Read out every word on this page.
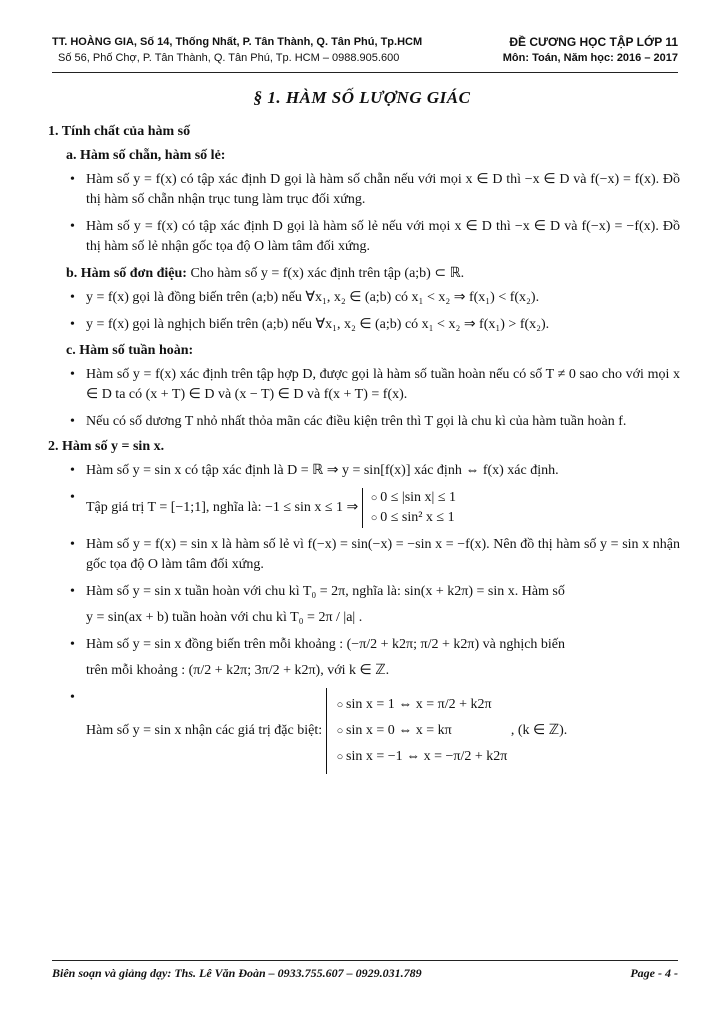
TT. HOÀNG GIA, Số 14, Thống Nhất, P. Tân Thành, Q. Tân Phú, Tp.HCM
Số 56, Phố Chợ, P. Tân Thành, Q. Tân Phú, Tp. HCM – 0988.905.600
ĐỀ CƯƠNG HỌC TẬP LỚP 11
Môn: Toán, Năm học: 2016 – 2017
§ 1. HÀM SỐ LƯỢNG GIÁC
1. Tính chất của hàm số
a. Hàm số chẵn, hàm số lẻ:
• Hàm số y = f(x) có tập xác định D gọi là hàm số chẵn nếu với mọi x ∈ D thì −x ∈ D và f(−x) = f(x). Đồ thị hàm số chẵn nhận trục tung làm trục đối xứng.
• Hàm số y = f(x) có tập xác định D gọi là hàm số lẻ nếu với mọi x ∈ D thì −x ∈ D và f(−x) = −f(x). Đồ thị hàm số lẻ nhận gốc tọa độ O làm tâm đối xứng.
b. Hàm số đơn điệu: Cho hàm số y = f(x) xác định trên tập (a;b) ⊂ ℝ.
• y = f(x) gọi là đồng biến trên (a;b) nếu ∀x₁, x₂ ∈ (a;b) có x₁ < x₂ ⇒ f(x₁) < f(x₂).
• y = f(x) gọi là nghịch biến trên (a;b) nếu ∀x₁, x₂ ∈ (a;b) có x₁ < x₂ ⇒ f(x₁) > f(x₂).
c. Hàm số tuần hoàn:
• Hàm số y = f(x) xác định trên tập hợp D, được gọi là hàm số tuần hoàn nếu có số T ≠ 0 sao cho với mọi x ∈ D ta có (x + T) ∈ D và (x − T) ∈ D và f(x + T) = f(x).
• Nếu có số dương T nhỏ nhất thỏa mãn các điều kiện trên thì T gọi là chu kì của hàm tuần hoàn f.
2. Hàm số y = sin x.
• Hàm số y = sin x có tập xác định là D = ℝ ⇒ y = sin[f(x)] xác định ⇔ f(x) xác định.
• Tập giá trị T = [−1;1], nghĩa là: −1 ≤ sin x ≤ 1 ⇒
○ 0 ≤ |sin x| ≤ 1
○ 0 ≤ sin² x ≤ 1
• Hàm số y = f(x) = sin x là hàm số lẻ vì f(−x) = sin(−x) = −sin x = −f(x). Nên đồ thị hàm số y = sin x nhận gốc tọa độ O làm tâm đối xứng.
• Hàm số y = sin x tuần hoàn với chu kì T₀ = 2π, nghĩa là: sin(x + k2π) = sin x. Hàm số
y = sin(ax + b) tuần hoàn với chu kì T₀ = 2π / |a| .
• Hàm số y = sin x đồng biến trên mỗi khoảng : (−π/2 + k2π; π/2 + k2π) và nghịch biến
trên mỗi khoảng : (π/2 + k2π; 3π/2 + k2π), với k ∈ ℤ.
• Hàm số y = sin x nhận các giá trị đặc biệt:
○ sin x = 1 ⇔ x = π/2 + k2π
○ sin x = 0 ⇔ x = kπ
○ sin x = −1 ⇔ x = −π/2 + k2π
, (k ∈ ℤ).
Biên soạn và giảng dạy: Ths. Lê Văn Đoàn – 0933.755.607 – 0929.031.789	Page - 4 -
